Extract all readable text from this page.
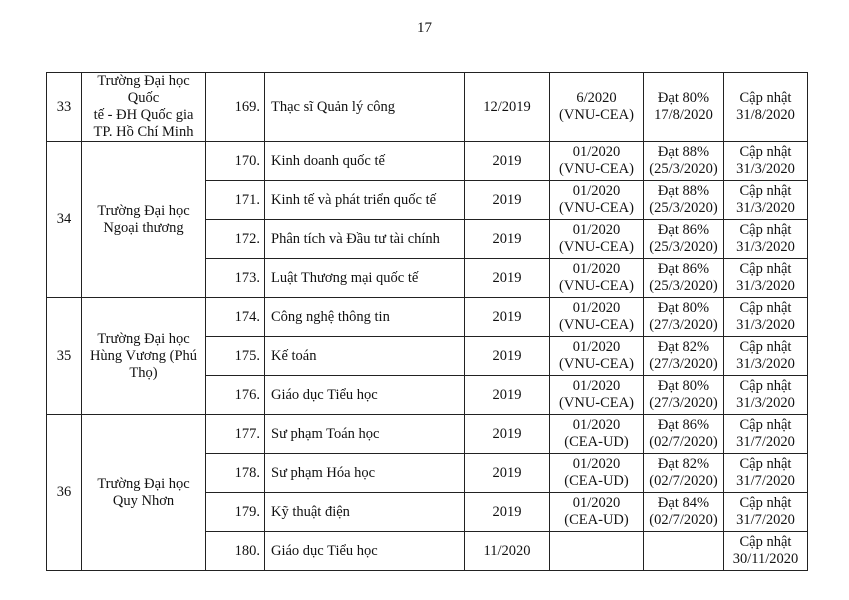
17
33	Trường Đại học Quốc
tế - ĐH Quốc gia
TP. Hồ Chí Minh	169.	Thạc sĩ Quản lý công	12/2019	6/2020
(VNU-CEA)	Đạt 80%
17/8/2020	Cập nhật
31/8/2020

34	Trường Đại học
Ngoại thương	170.	Kinh doanh quốc tế	2019	01/2020
(VNU-CEA)	Đạt 88%
(25/3/2020)	Cập nhật
31/3/2020

		171.	Kinh tế và phát triển quốc tế	2019	01/2020
(VNU-CEA)	Đạt 88%
(25/3/2020)	Cập nhật
31/3/2020

		172.	Phân tích và Đầu tư tài chính	2019	01/2020
(VNU-CEA)	Đạt 86%
(25/3/2020)	Cập nhật
31/3/2020

		173.	Luật Thương mại quốc tế	2019	01/2020
(VNU-CEA)	Đạt 86%
(25/3/2020)	Cập nhật
31/3/2020

35	Trường Đại học
Hùng Vương (Phú
Thọ)	174.	Công nghệ thông tin	2019	01/2020
(VNU-CEA)	Đạt 80%
(27/3/2020)	Cập nhật
31/3/2020

		175.	Kế toán	2019	01/2020
(VNU-CEA)	Đạt 82%
(27/3/2020)	Cập nhật
31/3/2020

		176.	Giáo dục Tiểu học	2019	01/2020
(VNU-CEA)	Đạt 80%
(27/3/2020)	Cập nhật
31/3/2020

36	Trường Đại học
Quy Nhơn	177.	Sư phạm Toán học	2019	01/2020
(CEA-UD)	Đạt 86%
(02/7/2020)	Cập nhật
31/7/2020

		178.	Sư phạm Hóa học	2019	01/2020
(CEA-UD)	Đạt 82%
(02/7/2020)	Cập nhật
31/7/2020

		179.	Kỹ thuật điện	2019	01/2020
(CEA-UD)	Đạt 84%
(02/7/2020)	Cập nhật
31/7/2020

		180.	Giáo dục Tiểu học	11/2020			Cập nhật
30/11/2020
